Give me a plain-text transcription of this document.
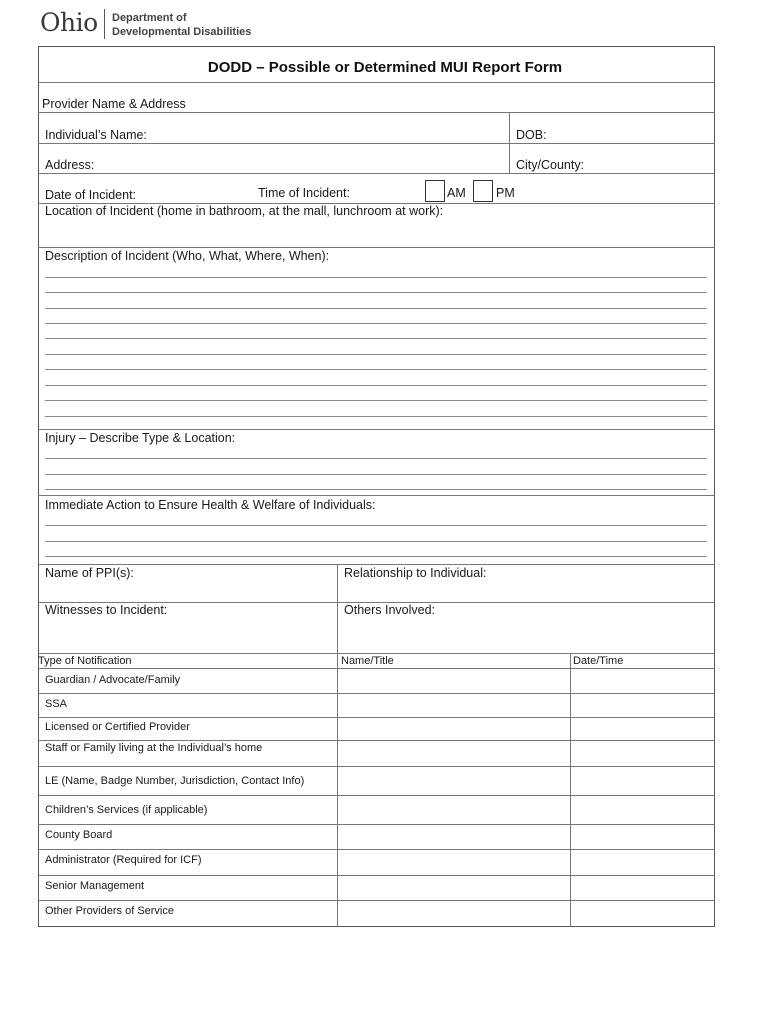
Ohio Department of
Developmental Disabilities
DODD – Possible or Determined MUI Report Form
Provider Name & Address
Individual’s Name:	DOB:
Address:	City/County:
Date of Incident:	Time of Incident:	AM PM
Location of Incident (home in bathroom, at the mall, lunchroom at work):
Description of Incident (Who, What, Where, When):
Injury – Describe Type & Location:
Immediate Action to Ensure Health & Welfare of Individuals:
Name of PPI(s):	Relationship to Individual:
Witnesses to Incident:	Others Involved:
Type of Notification	Name/Title	Date/Time
Guardian / Advocate/Family
SSA
Licensed or Certified Provider
Staff or Family living at the Individual’s home
LE (Name, Badge Number, Jurisdiction, Contact Info)
Children’s Services (if applicable)
County Board
Administrator (Required for ICF)
Senior Management
Other Providers of Service
